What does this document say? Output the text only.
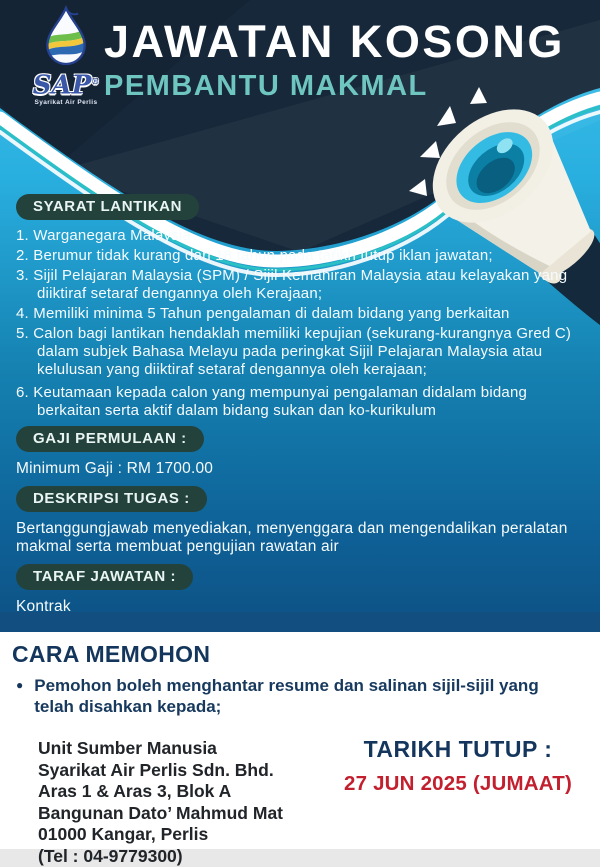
SAP®
Syarikat Air Perlis
JAWATAN KOSONG
PEMBANTU MAKMAL
SYARAT LANTIKAN
1. Warganegara Malaysia
2. Berumur tidak kurang dari 18 tahun pada tarikh tutup iklan jawatan;
3. Sijil Pelajaran Malaysia (SPM) / Sijil Kemahiran Malaysia atau kelayakan yang diiktiraf setaraf dengannya oleh Kerajaan;
4. Memiliki minima 5 Tahun pengalaman di dalam bidang yang berkaitan
5. Calon bagi lantikan hendaklah memiliki kepujian (sekurang-kurangnya Gred C) dalam subjek Bahasa Melayu pada peringkat Sijil Pelajaran Malaysia atau kelulusan yang diiktiraf setaraf dengannya oleh kerajaan;
6. Keutamaan kepada calon yang mempunyai pengalaman didalam bidang berkaitan serta aktif dalam bidang sukan dan ko-kurikulum
GAJI PERMULAAN :
Minimum Gaji : RM 1700.00
DESKRIPSI TUGAS :
Bertanggungjawab menyediakan, menyenggara dan mengendalikan peralatan makmal serta membuat pengujian rawatan air
TARAF JAWATAN :
Kontrak
CARA MEMOHON
● Pemohon boleh menghantar resume dan salinan sijil-sijil yang telah disahkan kepada;
Unit Sumber Manusia
Syarikat Air Perlis Sdn. Bhd.
Aras 1 & Aras 3, Blok A
Bangunan Dato’ Mahmud Mat
01000 Kangar, Perlis
(Tel : 04-9779300)
TARIKH TUTUP :
27 JUN 2025 (JUMAAT)
